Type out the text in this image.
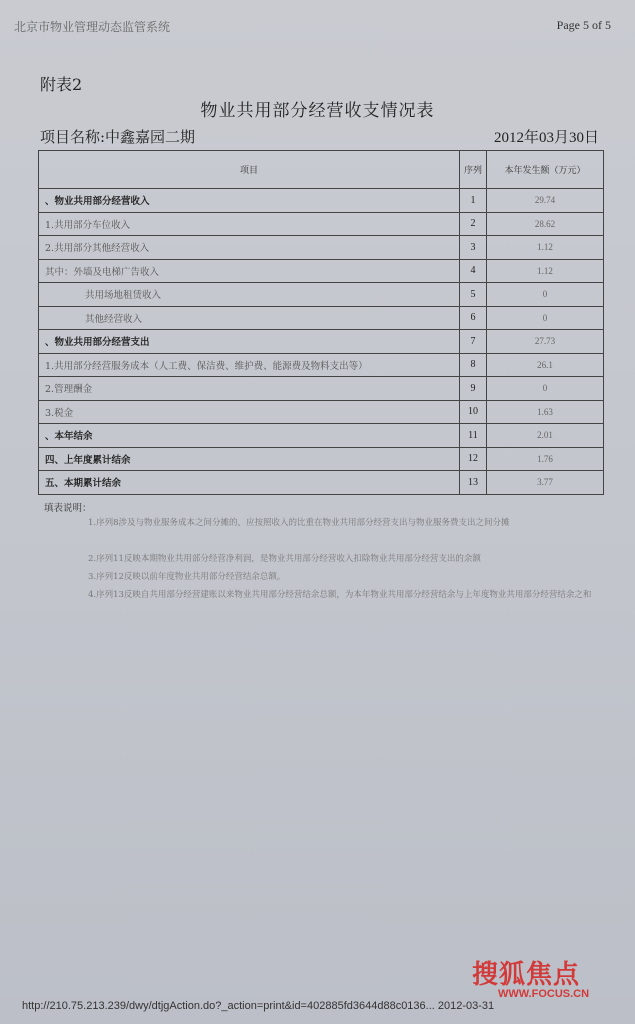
北京市物业管理动态监管系统	Page 5 of 5
附表2
物业共用部分经营收支情况表
项目名称:中鑫嘉园二期	2012年03月30日
项目	序列	本年发生额（万元）
、物业共用部分经营收入	1	29.74
1.共用部分车位收入	2	28.62
2.共用部分其他经营收入	3	1.12
其中：外墙及电梯广告收入	4	1.12
共用场地租赁收入	5	0
其他经营收入	6	0
、物业共用部分经营支出	7	27.73
1.共用部分经营服务成本（人工费、保洁费、维护费、能源费及物料支出等）	8	26.1
2.管理酬金	9	0
3.税金	10	1.63
、本年结余	11	2.01
四、上年度累计结余	12	1.76
五、本期累计结余	13	3.77
填表说明：
1.序列8涉及与物业服务成本之间分摊的，应按照收入的比重在物业共用部分经营支出与物业服务费支出之间分摊
2.序列11反映本期物业共用部分经营净利润，是物业共用部分经营收入扣除物业共用部分经营支出的余额
3.序列12反映以前年度物业共用部分经营结余总额。
4.序列13反映自共用部分经营建账以来物业共用部分经营结余总额，为本年物业共用部分经营结余与上年度物业共用部分经营结余之和
http://210.75.213.239/dwy/dtjgAction.do?_action=print&id=402885fd3644d88c0136... 2012-03-31
搜狐焦点
WWW.FOCUS.CN
